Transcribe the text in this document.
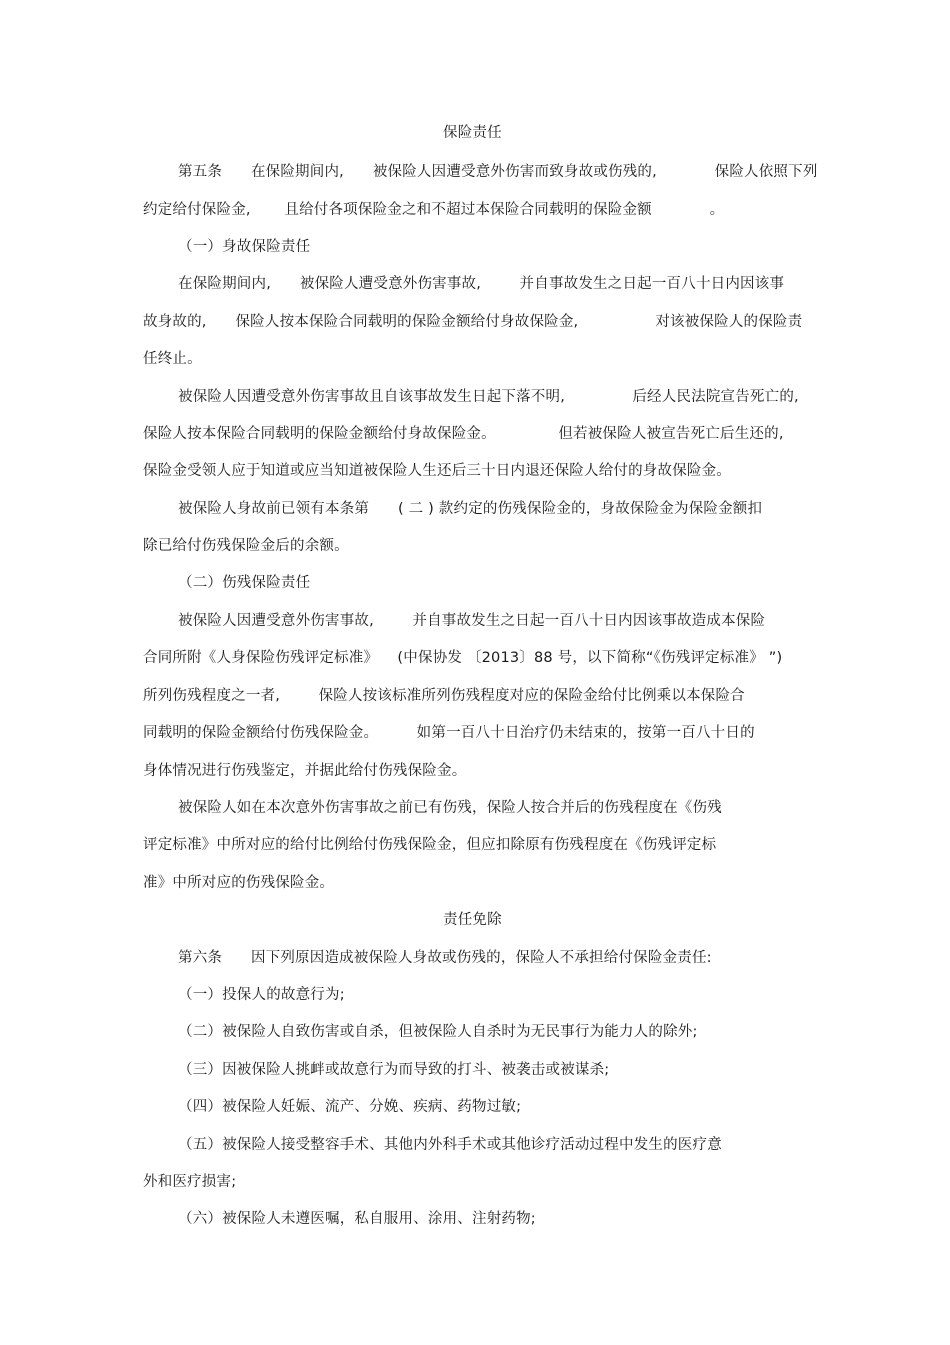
保险责任
第五条      在保险期间内,      被保险人因遭受意外伤害而致身故或伤残的,            保险人依照下列
约定给付保险金,       且给付各项保险金之和不超过本保险合同载明的保险金额            。
（一）身故保险责任
在保险期间内,      被保险人遭受意外伤害事故,        并自事故发生之日起一百八十日内因该事
故身故的,      保险人按本保险合同载明的保险金额给付身故保险金,                对该被保险人的保险责
任终止。
被保险人因遭受意外伤害事故且自该事故发生日起下落不明,              后经人民法院宣告死亡的,
保险人按本保险合同载明的保险金额给付身故保险金。             但若被保险人被宣告死亡后生还的,
保险金受领人应于知道或应当知道被保险人生还后三十日内退还保险人给付的身故保险金。
被保险人身故前已领有本条第      ( 二 ) 款约定的伤残保险金的，身故保险金为保险金额扣
除已给付伤残保险金后的余额。
（二）伤残保险责任
被保险人因遭受意外伤害事故,        并自事故发生之日起一百八十日内因该事故造成本保险
合同所附《人身保险伤残评定标准》    (中保协发 〔2013〕88 号，以下简称“《伤残评定标准》 ”)
所列伤残程度之一者,        保险人按该标准所列伤残程度对应的保险金给付比例乘以本保险合
同载明的保险金额给付伤残保险金。        如第一百八十日治疗仍未结束的，按第一百八十日的
身体情况进行伤残鉴定，并据此给付伤残保险金。
被保险人如在本次意外伤害事故之前已有伤残，保险人按合并后的伤残程度在《伤残
评定标准》中所对应的给付比例给付伤残保险金，但应扣除原有伤残程度在《伤残评定标
准》中所对应的伤残保险金。
责任免除
第六条      因下列原因造成被保险人身故或伤残的，保险人不承担给付保险金责任:
（一）投保人的故意行为;
（二）被保险人自致伤害或自杀，但被保险人自杀时为无民事行为能力人的除外;
（三）因被保险人挑衅或故意行为而导致的打斗、被袭击或被谋杀;
（四）被保险人妊娠、流产、分娩、疾病、药物过敏;
（五）被保险人接受整容手术、其他内外科手术或其他诊疗活动过程中发生的医疗意
外和医疗损害;
（六）被保险人未遵医嘱，私自服用、涂用、注射药物;
